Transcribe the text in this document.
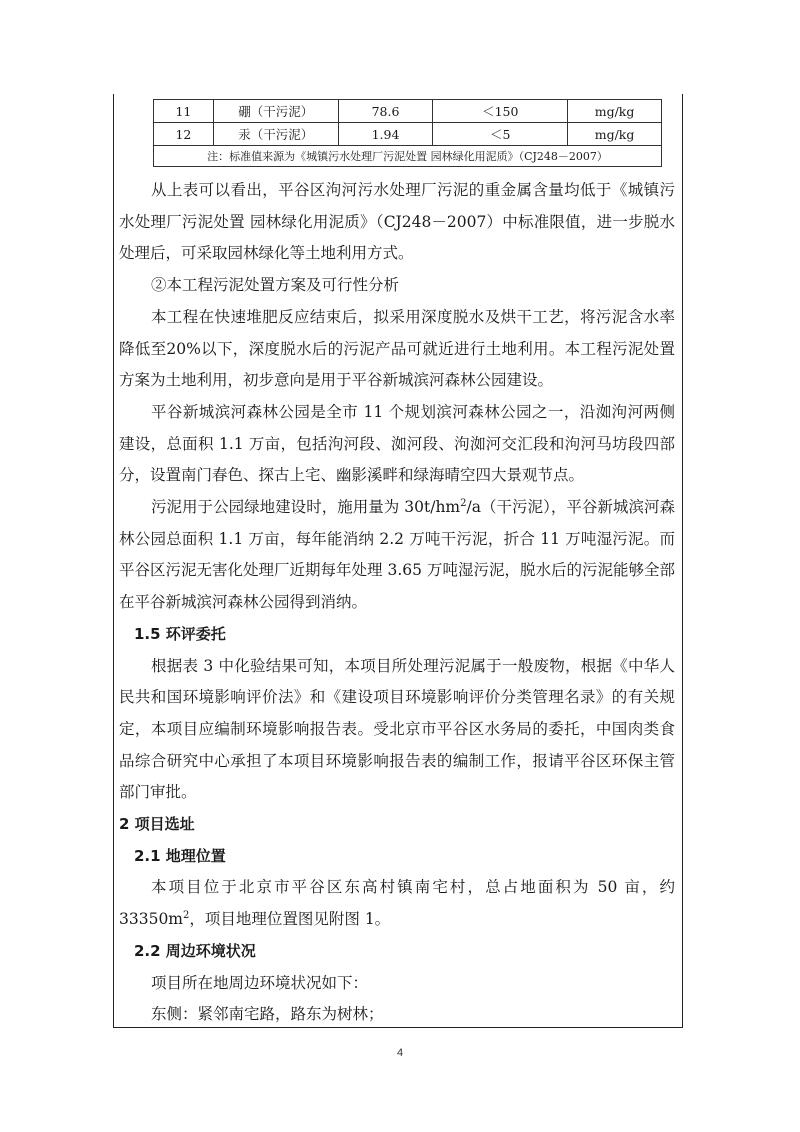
11	硼（干污泥）	78.6	＜150	mg/kg
12	汞（干污泥）	1.94	＜5	mg/kg
注：标准值来源为《城镇污水处理厂污泥处置 园林绿化用泥质》（CJ248－2007）				

从上表可以看出，平谷区泃河污水处理厂污泥的重金属含量均低于《城镇污水处理厂污泥处置 园林绿化用泥质》（CJ248－2007）中标准限值，进一步脱水处理后，可采取园林绿化等土地利用方式。

②本工程污泥处置方案及可行性分析

本工程在快速堆肥反应结束后，拟采用深度脱水及烘干工艺，将污泥含水率降低至20%以下，深度脱水后的污泥产品可就近进行土地利用。本工程污泥处置方案为土地利用，初步意向是用于平谷新城滨河森林公园建设。

平谷新城滨河森林公园是全市 11 个规划滨河森林公园之一，沿洳泃河两侧建设，总面积 1.1 万亩，包括泃河段、洳河段、泃洳河交汇段和泃河马坊段四部分，设置南门春色、探古上宅、幽影溪畔和绿海晴空四大景观节点。

污泥用于公园绿地建设时，施用量为 $30t/hm^2/a$（干污泥），平谷新城滨河森林公园总面积 1.1 万亩，每年能消纳 2.2 万吨干污泥，折合 11 万吨湿污泥。而平谷区污泥无害化处理厂近期每年处理 3.65 万吨湿污泥，脱水后的污泥能够全部在平谷新城滨河森林公园得到消纳。

1.5 环评委托

根据表 3 中化验结果可知，本项目所处理污泥属于一般废物，根据《中华人民共和国环境影响评价法》和《建设项目环境影响评价分类管理名录》的有关规定，本项目应编制环境影响报告表。受北京市平谷区水务局的委托，中国肉类食品综合研究中心承担了本项目环境影响报告表的编制工作，报请平谷区环保主管部门审批。

2 项目选址

2.1 地理位置

本项目位于北京市平谷区东高村镇南宅村，总占地面积为 50 亩，约 $33350m^2$，项目地理位置图见附图 1。

2.2 周边环境状况

项目所在地周边环境状况如下：

东侧：紧邻南宅路，路东为树林；

4
